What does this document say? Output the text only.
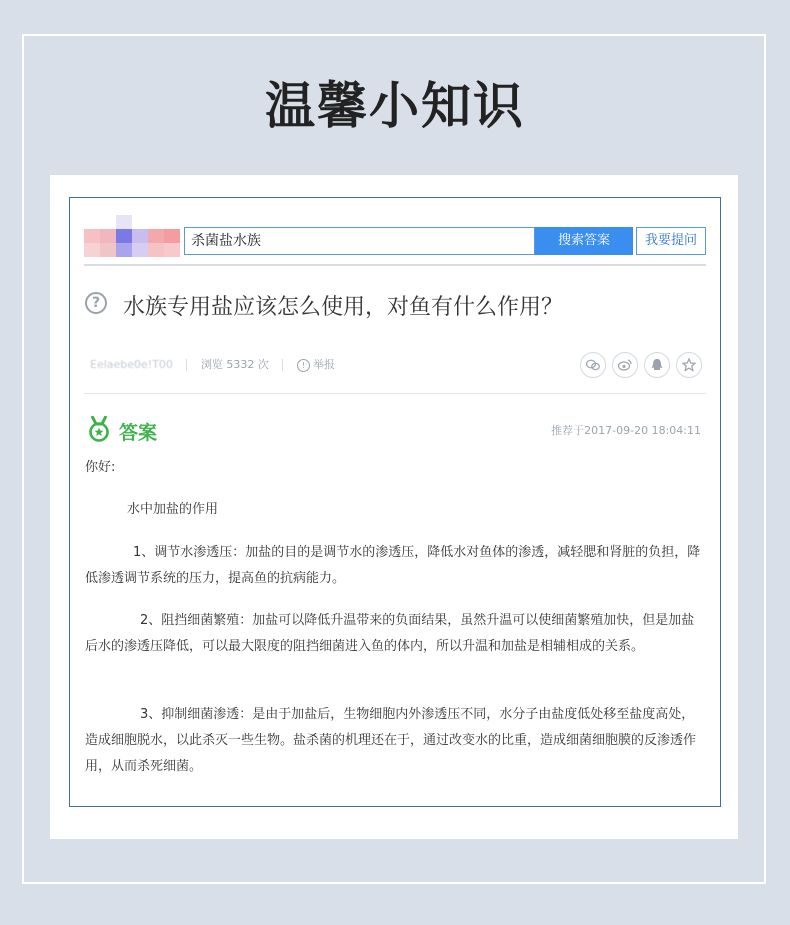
温馨小知识
杀菌盐水族	搜索答案	我要提问
?	水族专用盐应该怎么使用，对鱼有什么作用？
Eelaebe0e!T00	浏览 5332 次	! 举报
答案	推荐于2017-09-20 18:04:11

你好:

水中加盐的作用

1、调节水渗透压：加盐的目的是调节水的渗透压，降低水对鱼体的渗透，减轻腮和肾脏的负担，降低渗透调节系统的压力，提高鱼的抗病能力。

2、阻挡细菌繁殖：加盐可以降低升温带来的负面结果，虽然升温可以使细菌繁殖加快，但是加盐后水的渗透压降低，可以最大限度的阻挡细菌进入鱼的体内，所以升温和加盐是相辅相成的关系。

3、抑制细菌渗透：是由于加盐后，生物细胞内外渗透压不同，水分子由盐度低处移至盐度高处，造成细胞脱水，以此杀灭一些生物。盐杀菌的机理还在于，通过改变水的比重，造成细菌细胞膜的反渗透作用，从而杀死细菌。
